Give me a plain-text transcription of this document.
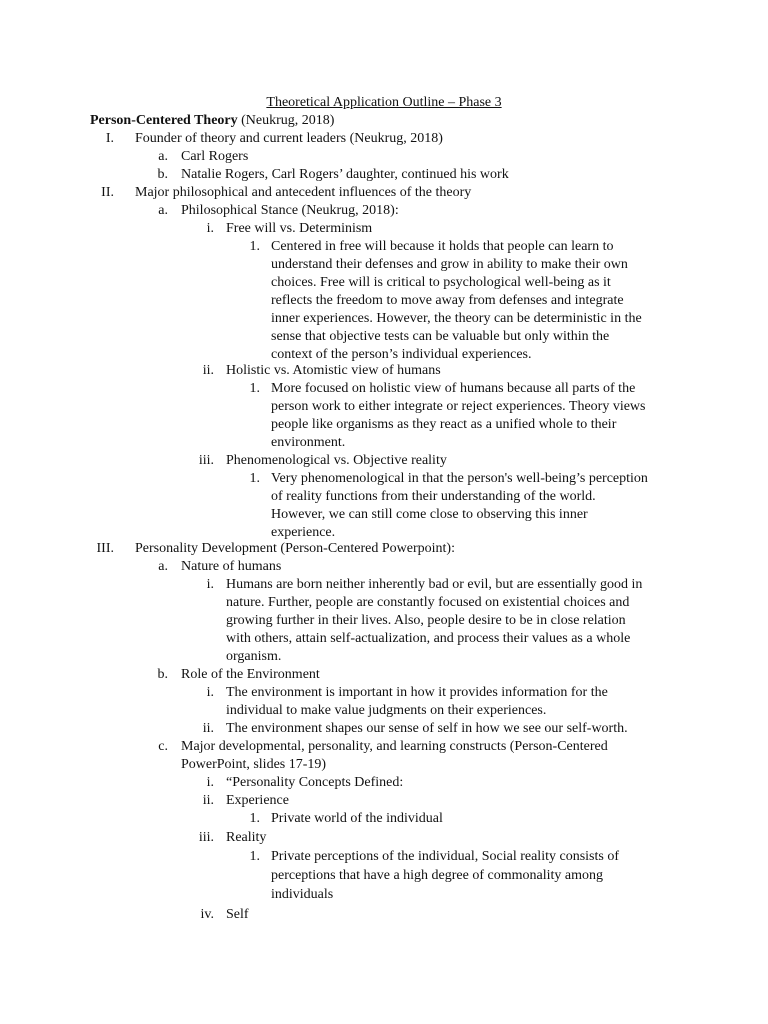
Theoretical Application Outline – Phase 3
Person-Centered Theory (Neukrug, 2018)
I. Founder of theory and current leaders (Neukrug, 2018)
a. Carl Rogers
b. Natalie Rogers, Carl Rogers’ daughter, continued his work
II. Major philosophical and antecedent influences of the theory
a. Philosophical Stance (Neukrug, 2018):
i. Free will vs. Determinism
1. Centered in free will because it holds that people can learn to
understand their defenses and grow in ability to make their own
choices. Free will is critical to psychological well-being as it
reflects the freedom to move away from defenses and integrate
inner experiences. However, the theory can be deterministic in the
sense that objective tests can be valuable but only within the
context of the person’s individual experiences.
ii. Holistic vs. Atomistic view of humans
1. More focused on holistic view of humans because all parts of the
person work to either integrate or reject experiences. Theory views
people like organisms as they react as a unified whole to their
environment.
iii. Phenomenological vs. Objective reality
1. Very phenomenological in that the person's well-being’s perception
of reality functions from their understanding of the world.
However, we can still come close to observing this inner
experience.
III. Personality Development (Person-Centered Powerpoint):
a. Nature of humans
i. Humans are born neither inherently bad or evil, but are essentially good in
nature. Further, people are constantly focused on existential choices and
growing further in their lives. Also, people desire to be in close relation
with others, attain self-actualization, and process their values as a whole
organism.
b. Role of the Environment
i. The environment is important in how it provides information for the
individual to make value judgments on their experiences.
ii. The environment shapes our sense of self in how we see our self-worth.
c. Major developmental, personality, and learning constructs (Person-Centered
PowerPoint, slides 17-19)
i. “Personality Concepts Defined:
ii. Experience
1. Private world of the individual
iii. Reality
1. Private perceptions of the individual, Social reality consists of
perceptions that have a high degree of commonality among
individuals
iv. Self
